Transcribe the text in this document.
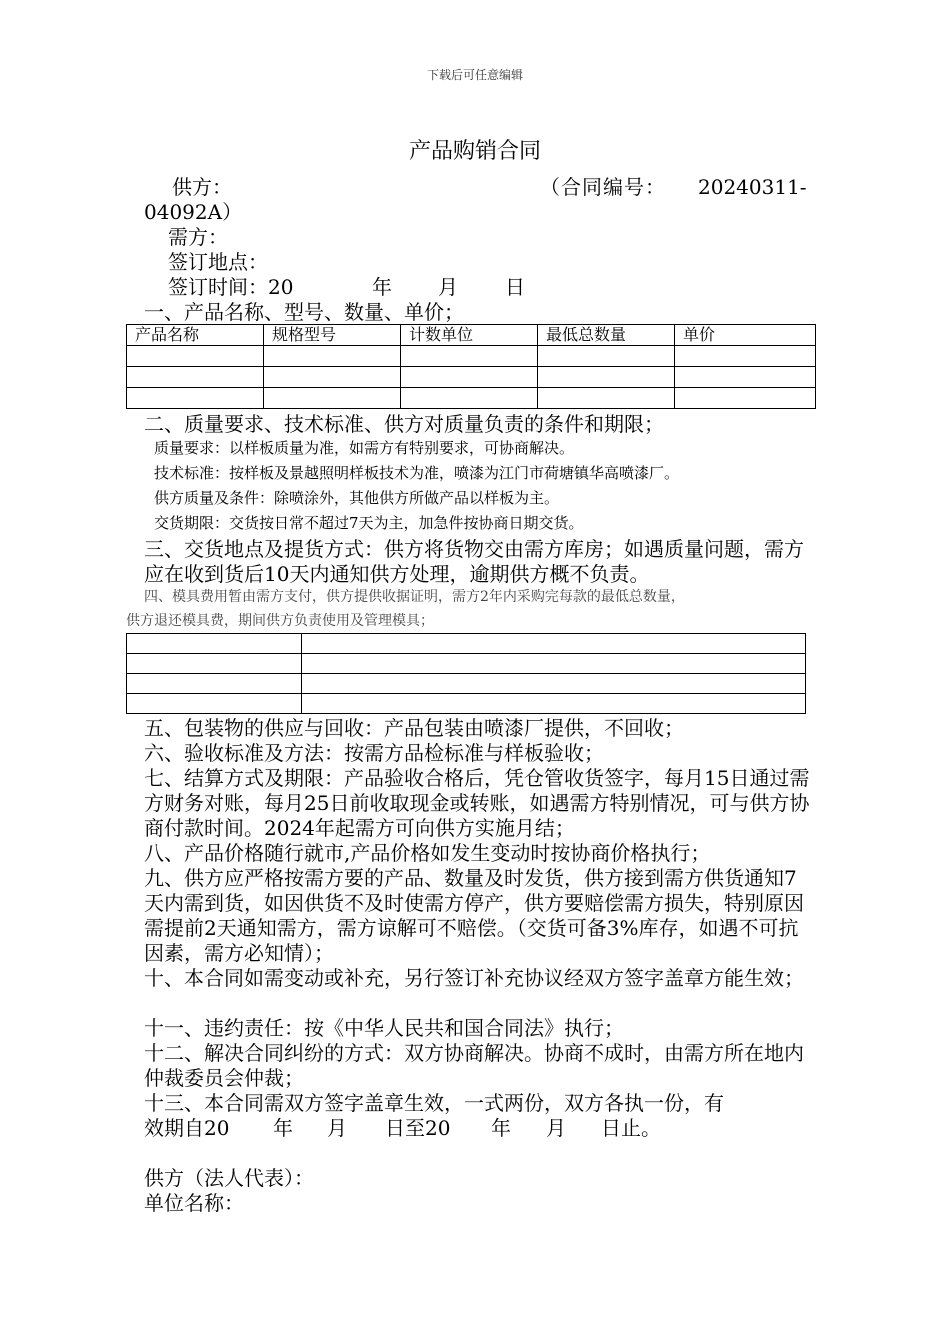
下载后可任意编辑
产品购销合同
供方：	（合同编号： 20240311-
04092A）
需方：
签订地点：
签订时间：20	年 月 日
一、产品名称、型号、数量、单价；
产品名称	规格型号	计数单位	最低总数量	单价

二、质量要求、技术标准、供方对质量负责的条件和期限；
质量要求：以样板质量为准，如需方有特别要求，可协商解决。
技术标准：按样板及景越照明样板技术为准，喷漆为江门市荷塘镇华高喷漆厂。
供方质量及条件：除喷涂外，其他供方所做产品以样板为主。
交货期限：交货按日常不超过7天为主，加急件按协商日期交货。
三、交货地点及提货方式：供方将货物交由需方库房；如遇质量问题，需方应在收到货后10天内通知供方处理，逾期供方概不负责。
四、模具费用暂由需方支付，供方提供收据证明，需方2年内采购完每款的最低总数量，
供方退还模具费，期间供方负责使用及管理模具；

五、包装物的供应与回收：产品包装由喷漆厂提供，不回收；
六、验收标准及方法：按需方品检标准与样板验收；
七、结算方式及期限：产品验收合格后，凭仓管收货签字，每月15日通过需方财务对账，每月25日前收取现金或转账，如遇需方特别情况，可与供方协商付款时间。2024年起需方可向供方实施月结；
八、产品价格随行就市,产品价格如发生变动时按协商价格执行；
九、供方应严格按需方要的产品、数量及时发货，供方接到需方供货通知7天内需到货，如因供货不及时使需方停产，供方要赔偿需方损失，特别原因需提前2天通知需方，需方谅解可不赔偿。（交货可备3%库存，如遇不可抗因素，需方必知情）；
十、本合同如需变动或补充，另行签订补充协议经双方签字盖章方能生效；
十一、违约责任：按《中华人民共和国合同法》执行；
十二、解决合同纠纷的方式：双方协商解决。协商不成时，由需方所在地内仲裁委员会仲裁；
十三、本合同需双方签字盖章生效，一式两份，双方各执一份，有
效期自20 年 月 日至20 年 月 日止。
供方（法人代表）：
单位名称：
